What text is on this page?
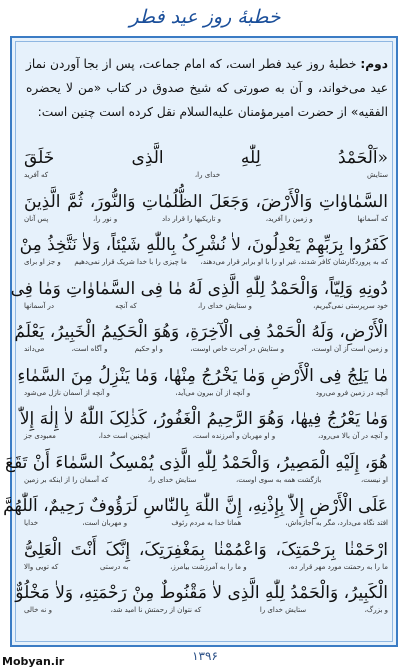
خطبهٔ روز عید فطر
دوم: خطبهٔ روز عید فطر است، که امام جماعت، پس از بجا آوردن نماز عید می‌خواند، و آن به صورتی که شیخ صدوق در کتاب «من لا یحضره الفقیه» از حضرت امیرمؤمنان علیه‌السلام نقل کرده است چنین است:
«اَلْحَمْدُ لِلّٰهِ الَّذِی خَلَقَ
ستایش خدای را، که آفرید
السَّمٰاوٰاتِ وَالْأَرْضَ، وَجَعَلَ الظُّلُمٰاتِ وَالنُّورَ، ثُمَّ الَّذِینَ
که آسمانها و زمین را آفرید، و تاریکیها را قرار داد و نور را، پس آنان
کَفَرُوا بِرَبِّهِمْ یَعْدِلُونَ، لاٰ نُشْرِکُ بِاللّٰهِ شَیْئاً، وَلاٰ نَتَّخِذُ مِنْ
که به پروردگارشان کافر شدند، غیر او را با او برابر قرار می‌دهند، ما چیزی را با خدا شریک قرار نمی‌دهیم و جز او برای
دُونِهِ وَلِیّاً، وَالْحَمْدُ لِلّٰهِ الَّذِی لَهُ مٰا فِی السَّمٰاوٰاتِ وَمٰا فِی
خود سرپرستی نمی‌گیریم، و ستایش خدای را، که آنچه در آسمانها
الْأَرْضِ، وَلَهُ الْحَمْدُ فِی الْآخِرَةِ، وَهُوَ الْحَکِیمُ الْخَبِیرُ، یَعْلَمُ
و زمین است از آن اوست، و ستایش در آخرت خاص اوست، و او حکیم و آگاه است، می‌داند
مٰا یَلِجُ فِی الْأَرْضِ وَمٰا یَخْرُجُ مِنْهٰا، وَمٰا یَنْزِلُ مِنَ السَّمٰاءِ
آنچه در زمین فرو می‌رود و آنچه از آن بیرون می‌آید، و آنچه از آسمان نازل می‌شود
وَمٰا یَعْرُجُ فِیهٰا، وَهُوَ الرَّحِیمُ الْغَفُورُ، کَذٰلِکَ اللّٰهُ لاٰ إِلٰهَ إِلاّٰ
و آنچه در آن بالا می‌رود، و او مهربان و آمرزنده است، اینچنین است خدا، معبودی جز
هُوَ، إِلَیْهِ الْمَصِیرُ، وَالْحَمْدُ لِلّٰهِ الَّذِی یُمْسِکُ السَّمٰاءَ أَنْ تَقَعَ
او نیست، بازگشت همه به سوی اوست، ستایش خدای را، که آسمان را از اینکه بر زمین
عَلَی الْأَرْضِ إِلاّٰ بِإِذْنِهِ، إِنَّ اللّٰهَ بِالنّٰاسِ لَرَؤُوفٌ رَحِیمٌ، اَللّٰهُمَّ
افتد نگاه می‌دارد، مگر به اجازه‌اش، همانا خدا به مردم رئوف و مهربان است، خدایا
ارْحَمْنٰا بِرَحْمَتِکَ، وَاعْمُمْنٰا بِمَغْفِرَتِکَ، إِنَّکَ أَنْتَ الْعَلِیُّ
ما را به رحمتت مورد مهر قرار ده، و ما را به آمرزشت بیامرز، به درستی که تویی والا
الْکَبِیرُ، وَالْحَمْدُ لِلّٰهِ الَّذِی لاٰ مَقْنُوطٌ مِنْ رَحْمَتِهِ، وَلاٰ مَخْلُوٌّ
و بزرگ، ستایش خدای را که نتوان از رحمتش نا امید شد، و نه خالی
۱۳۹۶
Mobyan.ir
